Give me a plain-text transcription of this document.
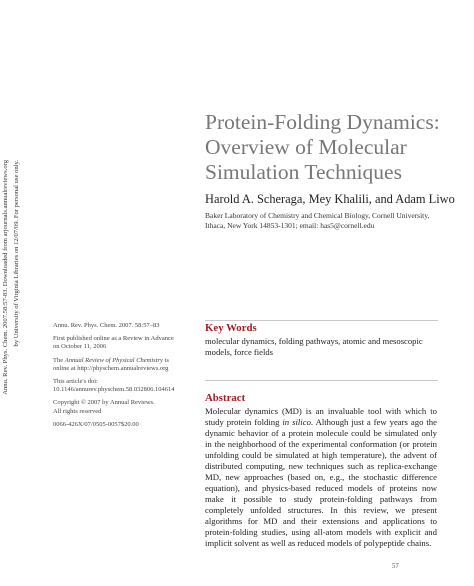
Annu. Rev. Phys. Chem. 2007.58:57-83. Downloaded from arjournals.annualreviews.org by University of Virginia Libraries on 12/07/09. For personal use only.
Protein-Folding Dynamics:
Overview of Molecular
Simulation Techniques
Harold A. Scheraga, Mey Khalili, and Adam Liwo
Baker Laboratory of Chemistry and Chemical Biology, Cornell University,
Ithaca, New York 14853-1301; email: has5@cornell.edu

Annu. Rev. Phys. Chem. 2007. 58:57–83

First published online as a Review in Advance
on October 11, 2006

The Annual Review of Physical Chemistry is online at http://physchem.annualreviews.org

This article's doi:
10.1146/annurev.physchem.58.032806.104614

Copyright © 2007 by Annual Reviews.
All rights reserved

0066-426X/07/0505-0057$20.00

Key Words
molecular dynamics, folding pathways, atomic and mesoscopic models, force fields
Abstract
Molecular dynamics (MD) is an invaluable tool with which to study protein folding in silico. Although just a few years ago the dynamic behavior of a protein molecule could be simulated only in the neighborhood of the experimental conformation (or protein unfolding could be simulated at high temperature), the advent of distributed computing, new techniques such as replica-exchange MD, new approaches (based on, e.g., the stochastic difference equation), and physics-based reduced models of proteins now make it possible to study protein-folding pathways from completely unfolded structures. In this review, we present algorithms for MD and their extensions and applications to protein-folding studies, using all-atom models with explicit and implicit solvent as well as reduced models of polypeptide chains.
57
